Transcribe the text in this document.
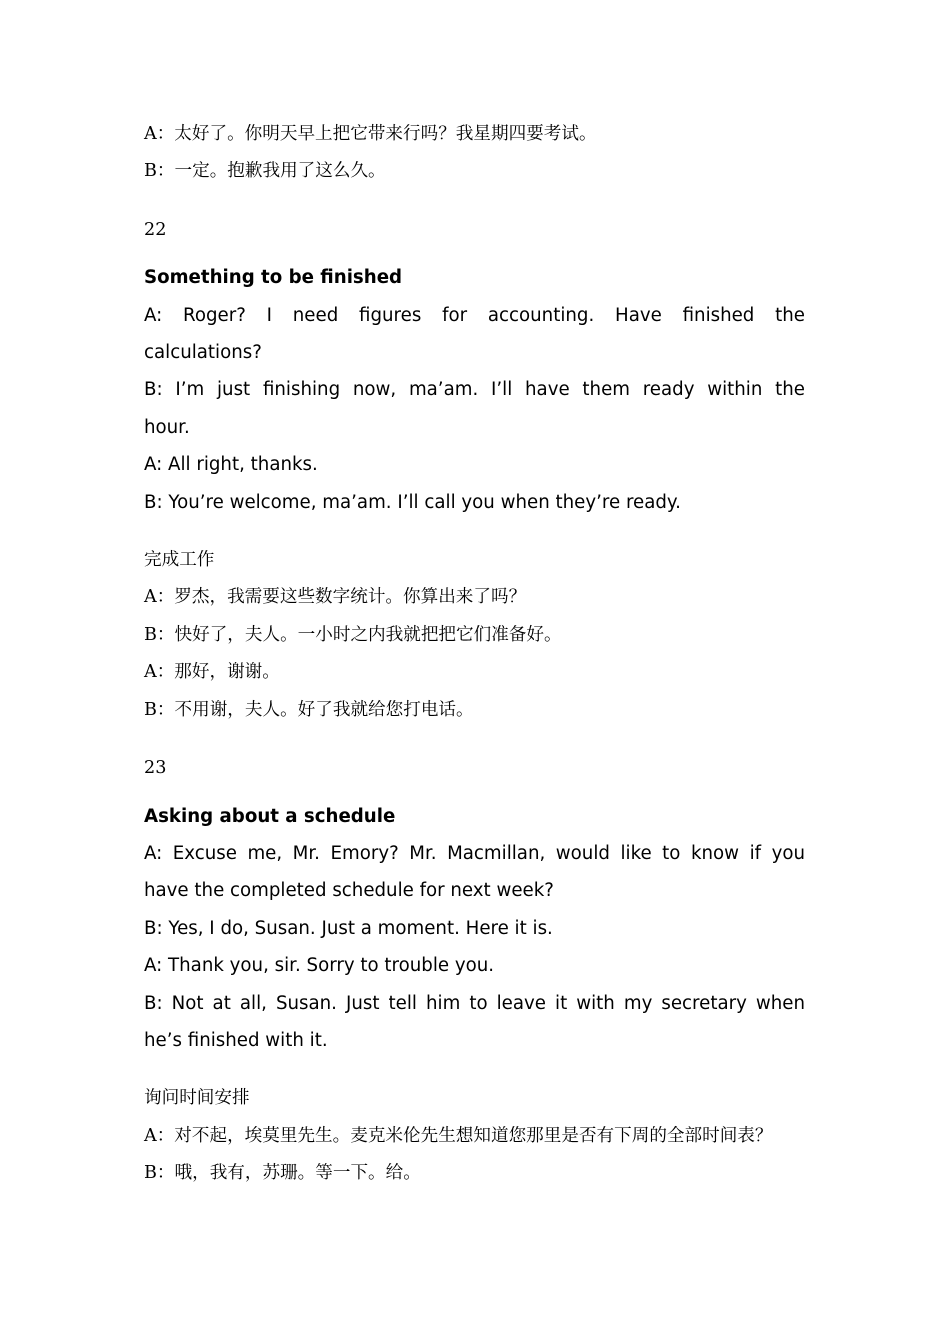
A：太好了。你明天早上把它带来行吗？我星期四要考试。

B：一定。抱歉我用了这么久。

22

Something to be finished

A: Roger? I need figures for accounting. Have finished the

calculations?

B: I’m just finishing now, ma’am. I’ll have them ready within the

hour.

A: All right, thanks.

B: You’re welcome, ma’am. I’ll call you when they’re ready.

完成工作

A：罗杰，我需要这些数字统计。你算出来了吗？

B：快好了，夫人。一小时之内我就把把它们准备好。

A：那好，谢谢。

B：不用谢，夫人。好了我就给您打电话。

23

Asking about a schedule

A: Excuse me, Mr. Emory? Mr. Macmillan, would like to know if you

have the completed schedule for next week?

B: Yes, I do, Susan. Just a moment. Here it is.

A: Thank you, sir. Sorry to trouble you.

B: Not at all, Susan. Just tell him to leave it with my secretary when

he’s finished with it.

询问时间安排

A：对不起，埃莫里先生。麦克米伦先生想知道您那里是否有下周的全部时间表？

B：哦，我有，苏珊。等一下。给。
